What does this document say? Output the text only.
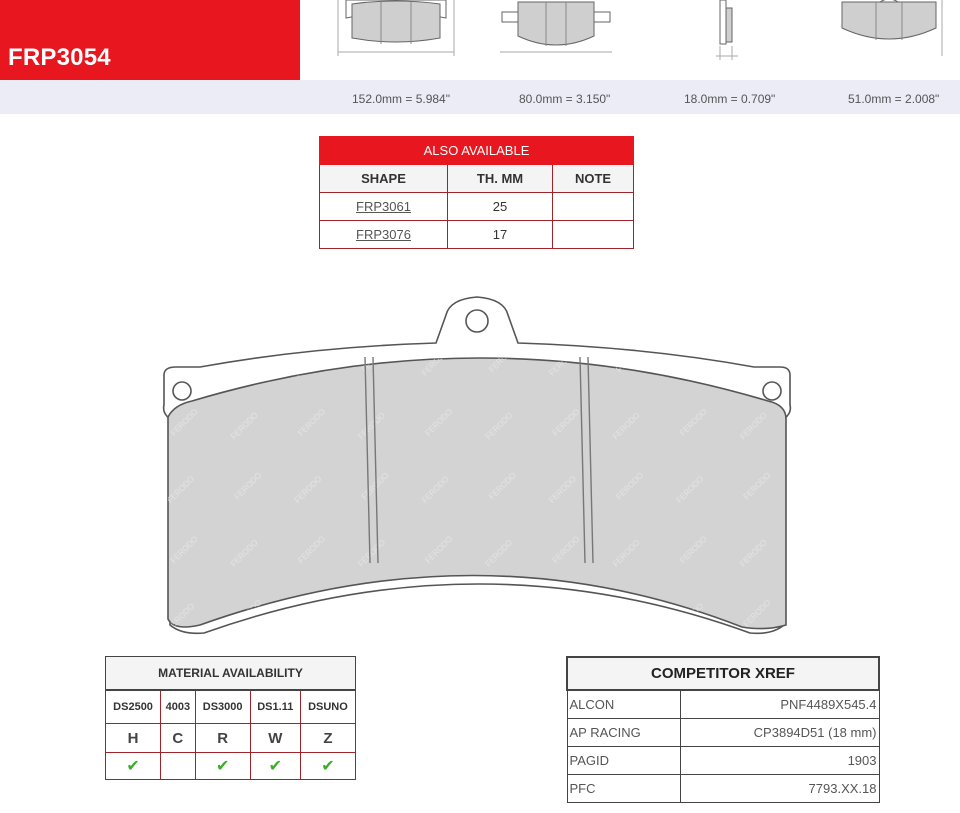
FRP3054
152.0mm = 5.984"	80.0mm = 3.150"	18.0mm = 0.709"	51.0mm = 2.008"
ALSO AVAILABLE		
SHAPE	TH. MM	NOTE
FRP3061	25	
FRP3076	17	
MATERIAL AVAILABILITY				
DS2500	4003	DS3000	DS1.11	DSUNO
H	C	R	W	Z
✔		✔	✔	✔
COMPETITOR XREF	
ALCON	PNF4489X545.4
AP RACING	CP3894D51 (18 mm)
PAGID	1903
PFC	7793.XX.18
